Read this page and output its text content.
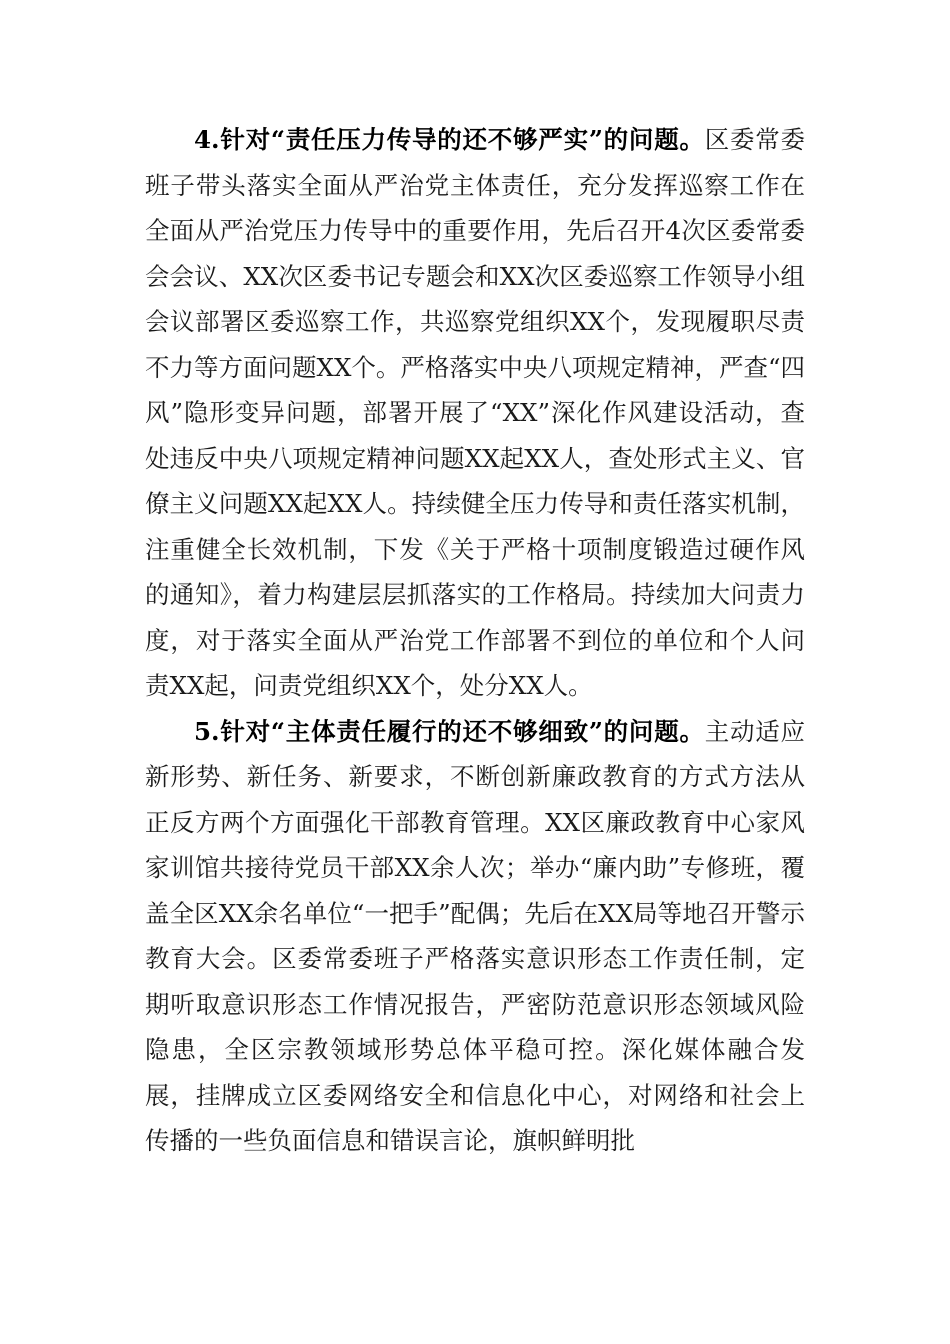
4.针对“责任压力传导的还不够严实”的问题。区委常委班子带头落实全面从严治党主体责任，充分发挥巡察工作在全面从严治党压力传导中的重要作用，先后召开4次区委常委会会议、XX次区委书记专题会和XX次区委巡察工作领导小组会议部署区委巡察工作，共巡察党组织XX个，发现履职尽责不力等方面问题XX个。严格落实中央八项规定精神，严查“四风”隐形变异问题，部署开展了“XX”深化作风建设活动，查处违反中央八项规定精神问题XX起XX人，查处形式主义、官僚主义问题XX起XX人。持续健全压力传导和责任落实机制，注重健全长效机制，下发《关于严格十项制度锻造过硬作风的通知》，着力构建层层抓落实的工作格局。持续加大问责力度，对于落实全面从严治党工作部署不到位的单位和个人问责XX起，问责党组织XX个，处分XX人。

5.针对“主体责任履行的还不够细致”的问题。主动适应新形势、新任务、新要求，不断创新廉政教育的方式方法从正反方两个方面强化干部教育管理。XX区廉政教育中心家风家训馆共接待党员干部XX余人次；举办“廉内助”专修班，覆盖全区XX余名单位“一把手”配偶；先后在XX局等地召开警示教育大会。区委常委班子严格落实意识形态工作责任制，定期听取意识形态工作情况报告，严密防范意识形态领域风险隐患，全区宗教领域形势总体平稳可控。深化媒体融合发展，挂牌成立区委网络安全和信息化中心，对网络和社会上传播的一些负面信息和错误言论，旗帜鲜明批
